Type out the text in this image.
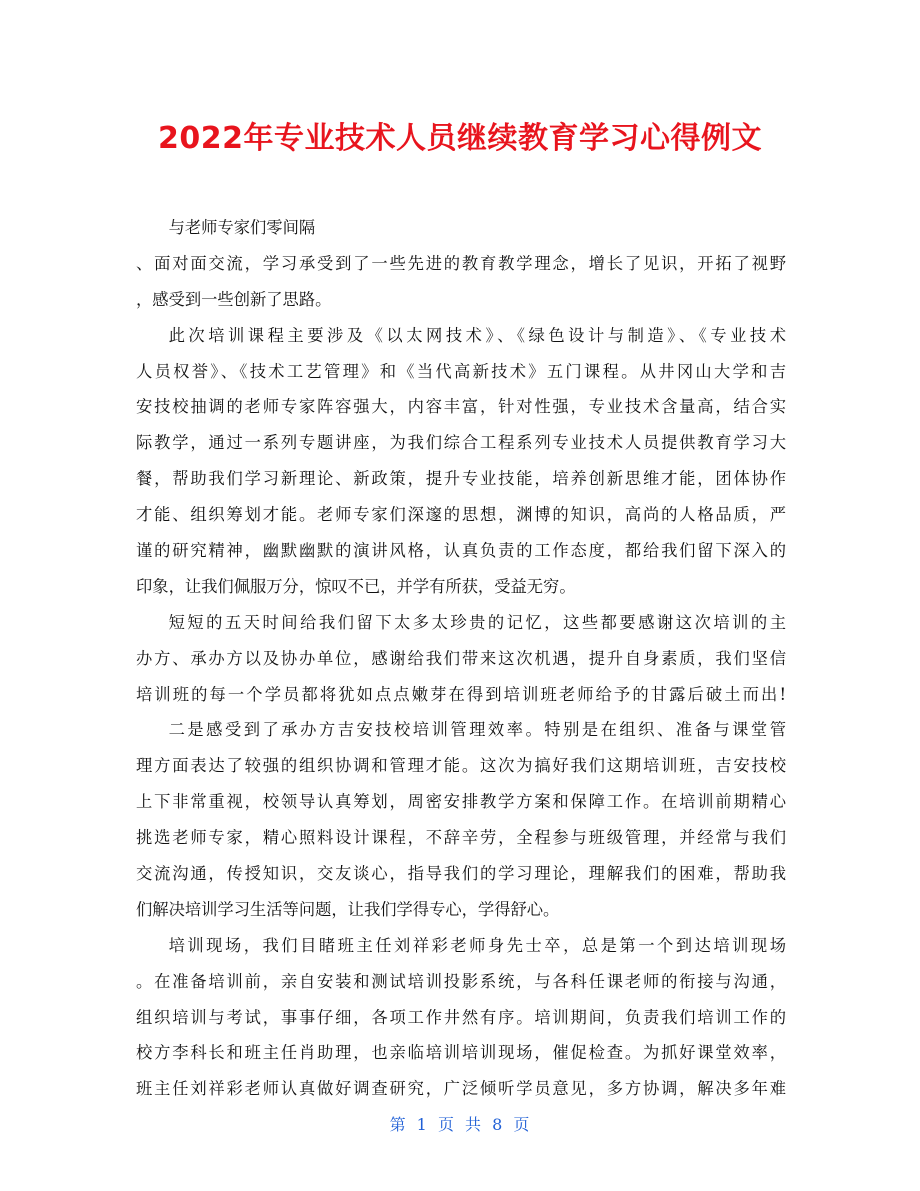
2022年专业技术人员继续教育学习心得例文
与老师专家们零间隔
、面对面交流，学习承受到了一些先进的教育教学理念，增长了见识，开拓了视野
，感受到一些创新了思路。
此次培训课程主要涉及《以太网技术》、《绿色设计与制造》、《专业技术
人员权誉》、《技术工艺管理》和《当代高新技术》五门课程。从井冈山大学和吉
安技校抽调的老师专家阵容强大，内容丰富，针对性强，专业技术含量高，结合实
际教学，通过一系列专题讲座，为我们综合工程系列专业技术人员提供教育学习大
餐，帮助我们学习新理论、新政策，提升专业技能，培养创新思维才能，团体协作
才能、组织筹划才能。老师专家们深邃的思想，渊博的知识，高尚的人格品质，严
谨的研究精神，幽默幽默的演讲风格，认真负责的工作态度，都给我们留下深入的
印象，让我们佩服万分，惊叹不已，并学有所获，受益无穷。
短短的五天时间给我们留下太多太珍贵的记忆，这些都要感谢这次培训的主
办方、承办方以及协办单位，感谢给我们带来这次机遇，提升自身素质，我们坚信
培训班的每一个学员都将犹如点点嫩芽在得到培训班老师给予的甘露后破土而出!
二是感受到了承办方吉安技校培训管理效率。特别是在组织、准备与课堂管
理方面表达了较强的组织协调和管理才能。这次为搞好我们这期培训班，吉安技校
上下非常重视，校领导认真筹划，周密安排教学方案和保障工作。在培训前期精心
挑选老师专家，精心照料设计课程，不辞辛劳，全程参与班级管理，并经常与我们
交流沟通，传授知识，交友谈心，指导我们的学习理论，理解我们的困难，帮助我
们解决培训学习生活等问题，让我们学得专心，学得舒心。
培训现场，我们目睹班主任刘祥彩老师身先士卒，总是第一个到达培训现场
。在准备培训前，亲自安装和测试培训投影系统，与各科任课老师的衔接与沟通，
组织培训与考试，事事仔细，各项工作井然有序。培训期间，负责我们培训工作的
校方李科长和班主任肖助理，也亲临培训培训现场，催促检查。为抓好课堂效率，
班主任刘祥彩老师认真做好调查研究，广泛倾听学员意见，多方协调，解决多年难
第 1 页 共 8 页
